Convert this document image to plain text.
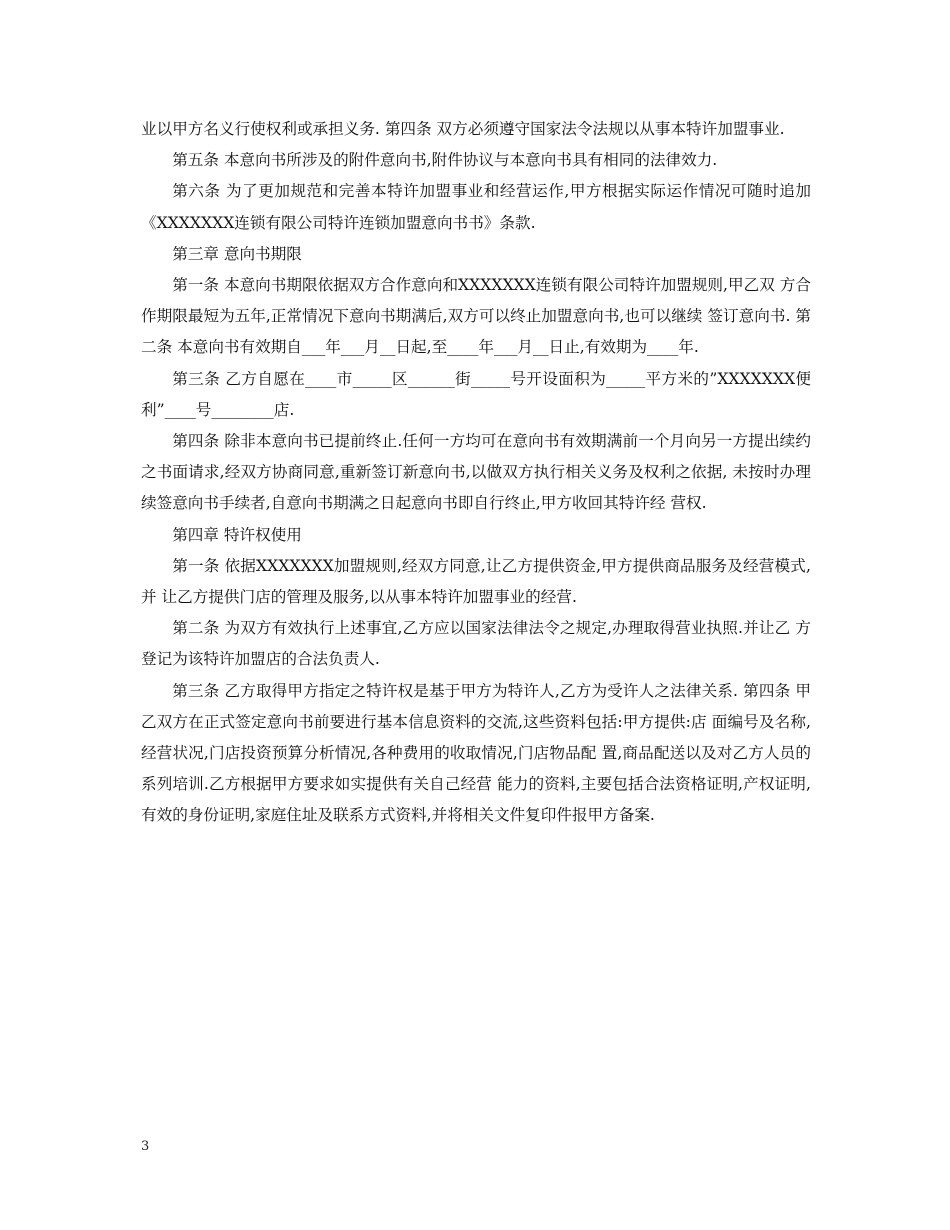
业以甲方名义行使权利或承担义务. 第四条 双方必须遵守国家法令法规以从事本特许加盟事业.

第五条 本意向书所涉及的附件意向书,附件协议与本意向书具有相同的法律效力.

第六条 为了更加规范和完善本特许加盟事业和经营运作,甲方根据实际运作情况可随时追加《XXXXXXX连锁有限公司特许连锁加盟意向书书》条款.

第三章 意向书期限

第一条 本意向书期限依据双方合作意向和XXXXXXX连锁有限公司特许加盟规则,甲乙双 方合作期限最短为五年,正常情况下意向书期满后,双方可以终止加盟意向书,也可以继续 签订意向书. 第二条 本意向书有效期自___年___月__日起,至____年___月__日止,有效期为____年.

第三条 乙方自愿在____市_____区______街_____号开设面积为_____平方米的”XXXXXXX便 利”____号________店.

第四条 除非本意向书已提前终止.任何一方均可在意向书有效期满前一个月向另一方提出续约之书面请求,经双方协商同意,重新签订新意向书,以做双方执行相关义务及权利之依据, 未按时办理续签意向书手续者,自意向书期满之日起意向书即自行终止,甲方收回其特许经 营权.

第四章 特许权使用

第一条 依据XXXXXXX加盟规则,经双方同意,让乙方提供资金,甲方提供商品服务及经营模式,并 让乙方提供门店的管理及服务,以从事本特许加盟事业的经营.

第二条 为双方有效执行上述事宜,乙方应以国家法律法令之规定,办理取得营业执照.并让乙 方登记为该特许加盟店的合法负责人.

第三条 乙方取得甲方指定之特许权是基于甲方为特许人,乙方为受许人之法律关系. 第四条 甲乙双方在正式签定意向书前要进行基本信息资料的交流,这些资料包括:甲方提供:店 面编号及名称,经营状况,门店投资预算分析情况,各种费用的收取情况,门店物品配 置,商品配送以及对乙方人员的系列培训.乙方根据甲方要求如实提供有关自己经营 能力的资料,主要包括合法资格证明,产权证明,有效的身份证明,家庭住址及联系方式资料,并将相关文件复印件报甲方备案.

3
